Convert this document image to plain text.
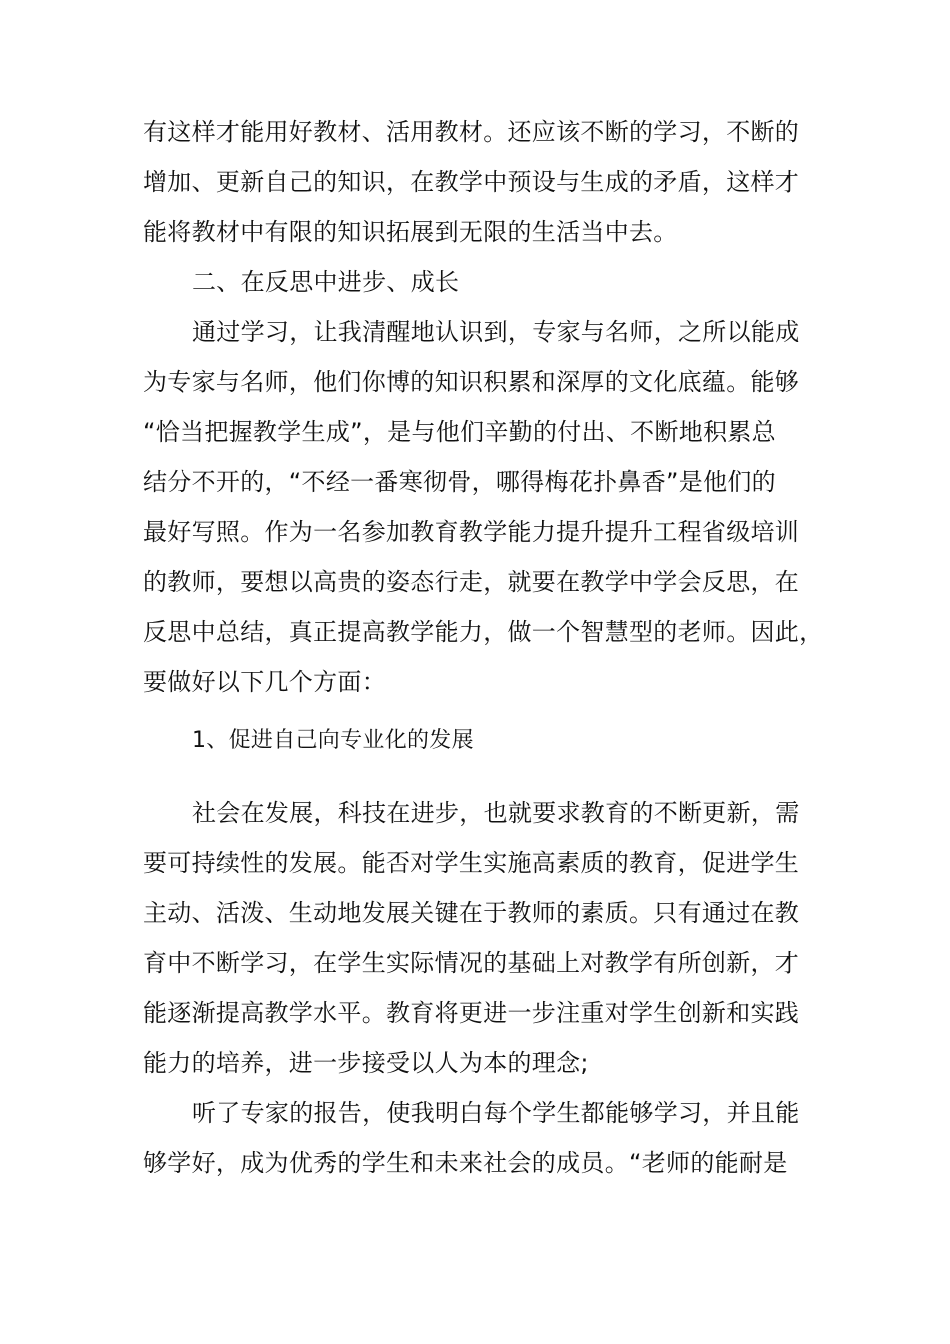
有这样才能用好教材、活用教材。还应该不断的学习，不断的
增加、更新自己的知识，在教学中预设与生成的矛盾，这样才
能将教材中有限的知识拓展到无限的生活当中去。
二、在反思中进步、成长
通过学习，让我清醒地认识到，专家与名师，之所以能成
为专家与名师，他们你博的知识积累和深厚的文化底蕴。能够
“恰当把握教学生成”，是与他们辛勤的付出、不断地积累总
结分不开的，“不经一番寒彻骨，哪得梅花扑鼻香”是他们的
最好写照。作为一名参加教育教学能力提升提升工程省级培训
的教师，要想以高贵的姿态行走，就要在教学中学会反思，在
反思中总结，真正提高教学能力，做一个智慧型的老师。因此，
要做好以下几个方面：
1、促进自己向专业化的发展
社会在发展，科技在进步，也就要求教育的不断更新，需
要可持续性的发展。能否对学生实施高素质的教育，促进学生
主动、活泼、生动地发展关键在于教师的素质。只有通过在教
育中不断学习，在学生实际情况的基础上对教学有所创新，才
能逐渐提高教学水平。教育将更进一步注重对学生创新和实践
能力的培养，进一步接受以人为本的理念;
听了专家的报告，使我明白每个学生都能够学习，并且能
够学好，成为优秀的学生和未来社会的成员。“老师的能耐是
